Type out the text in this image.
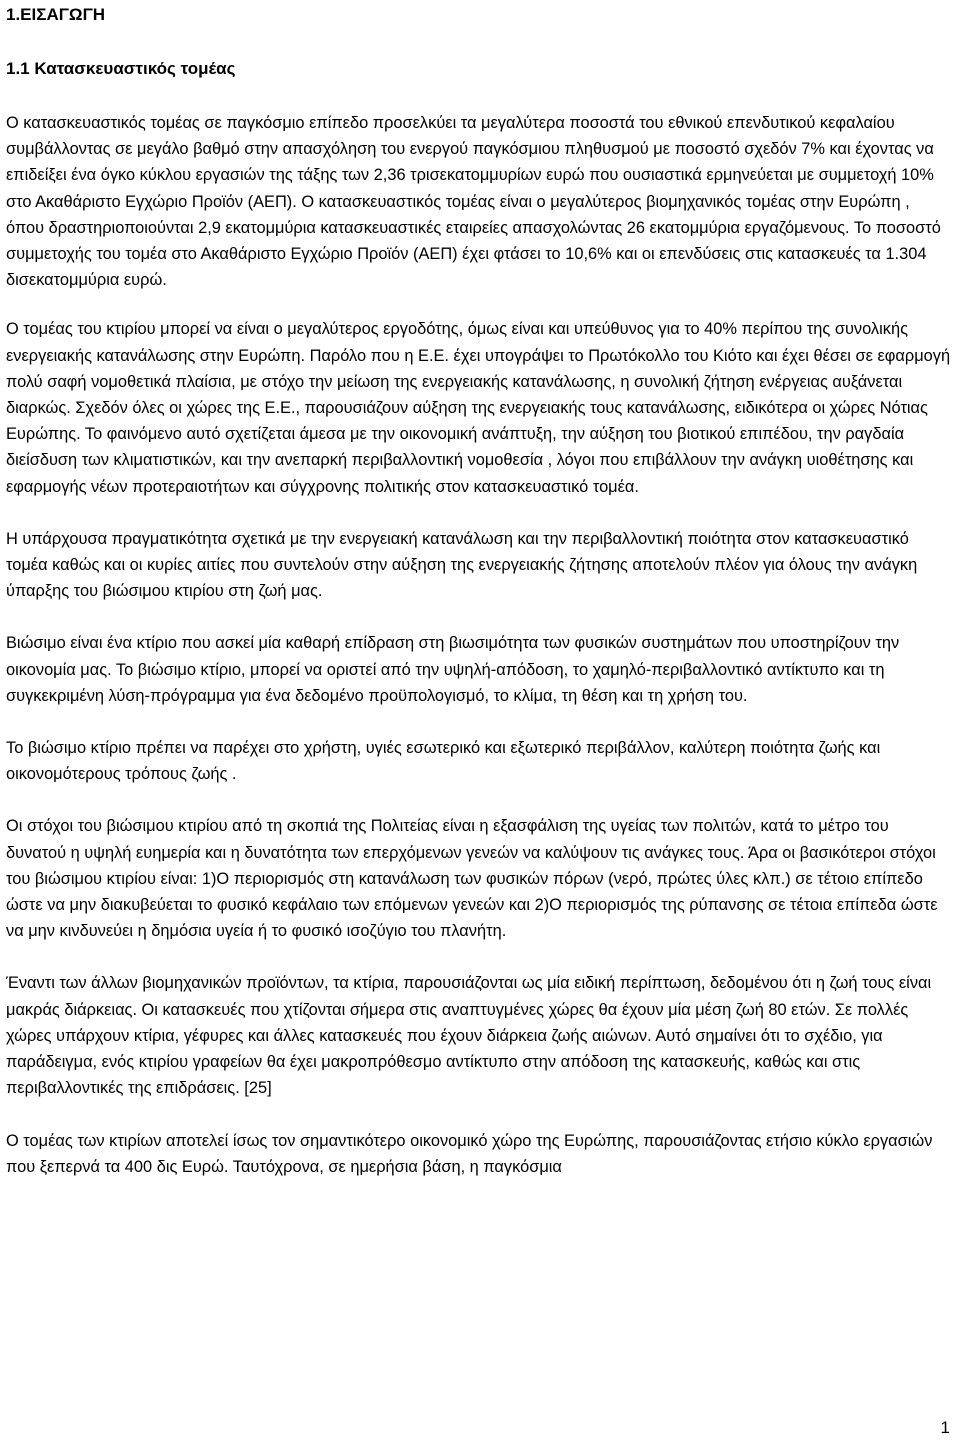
1.ΕΙΣΑΓΩΓΗ
1.1 Κατασκευαστικός τομέας

Ο κατασκευαστικός τομέας σε παγκόσμιο επίπεδο προσελκύει τα μεγαλύτερα ποσοστά του εθνικού επενδυτικού κεφαλαίου συμβάλλοντας σε μεγάλο βαθμό στην απασχόληση του ενεργού παγκόσμιου πληθυσμού με ποσοστό σχεδόν 7% και έχοντας να επιδείξει ένα όγκο κύκλου εργασιών της τάξης των 2,36 τρισεκατομμυρίων ευρώ που ουσιαστικά ερμηνεύεται με συμμετοχή 10% στο Ακαθάριστο Εγχώριο Προϊόν (ΑΕΠ). Ο κατασκευαστικός τομέας είναι ο μεγαλύτερος βιομηχανικός τομέας στην Ευρώπη , όπου δραστηριοποιούνται 2,9 εκατομμύρια κατασκευαστικές εταιρείες απασχολώντας 26 εκατομμύρια εργαζόμενους. Το ποσοστό συμμετοχής του τομέα στο Ακαθάριστο Εγχώριο Προϊόν (ΑΕΠ) έχει φτάσει το 10,6% και οι επενδύσεις στις κατασκευές τα 1.304 δισεκατομμύρια ευρώ.

Ο τομέας του κτιρίου μπορεί να είναι ο μεγαλύτερος εργοδότης, όμως είναι και υπεύθυνος για το 40% περίπου της συνολικής ενεργειακής κατανάλωσης στην Ευρώπη. Παρόλο που η Ε.Ε. έχει υπογράψει το Πρωτόκολλο του Κιότο και έχει θέσει σε εφαρμογή πολύ σαφή νομοθετικά πλαίσια, με στόχο την μείωση της ενεργειακής κατανάλωσης, η συνολική ζήτηση ενέργειας αυξάνεται διαρκώς. Σχεδόν όλες οι χώρες της Ε.Ε., παρουσιάζουν αύξηση της ενεργειακής τους κατανάλωσης, ειδικότερα οι χώρες Νότιας Ευρώπης. Το φαινόμενο αυτό σχετίζεται άμεσα με την οικονομική ανάπτυξη, την αύξηση του βιοτικού επιπέδου, την ραγδαία διείσδυση των κλιματιστικών, και την ανεπαρκή περιβαλλοντική νομοθεσία , λόγοι που επιβάλλουν την ανάγκη υιοθέτησης και εφαρμογής νέων προτεραιοτήτων και σύγχρονης πολιτικής στον κατασκευαστικό τομέα.

Η υπάρχουσα πραγματικότητα σχετικά με την ενεργειακή κατανάλωση και την περιβαλλοντική ποιότητα στον κατασκευαστικό τομέα καθώς και οι κυρίες αιτίες που συντελούν στην αύξηση της ενεργειακής ζήτησης αποτελούν πλέον για όλους την ανάγκη ύπαρξης του βιώσιμου κτιρίου στη ζωή μας.

Βιώσιμο είναι ένα κτίριο που ασκεί μία καθαρή επίδραση στη βιωσιμότητα των φυσικών συστημάτων που υποστηρίζουν την οικονομία μας. Το βιώσιμο κτίριο, μπορεί να οριστεί από την υψηλή-απόδοση, το χαμηλό-περιβαλλοντικό αντίκτυπο και τη συγκεκριμένη λύση-πρόγραμμα για ένα δεδομένο προϋπολογισμό, το κλίμα, τη θέση και τη χρήση του.

Το βιώσιμο κτίριο πρέπει να παρέχει στο χρήστη, υγιές εσωτερικό και εξωτερικό περιβάλλον, καλύτερη ποιότητα ζωής και οικονομότερους τρόπους ζωής .

Οι στόχοι του βιώσιμου κτιρίου από τη σκοπιά της Πολιτείας είναι η εξασφάλιση της υγείας των πολιτών, κατά το μέτρο του δυνατού η υψηλή ευημερία και η δυνατότητα των επερχόμενων γενεών να καλύψουν τις ανάγκες τους. Άρα οι βασικότεροι στόχοι του βιώσιμου κτιρίου είναι: 1)Ο περιορισμός στη κατανάλωση των φυσικών πόρων (νερό, πρώτες ύλες κλπ.) σε τέτοιο επίπεδο ώστε να μην διακυβεύεται το φυσικό κεφάλαιο των επόμενων γενεών και 2)Ο περιορισμός της ρύπανσης σε τέτοια επίπεδα ώστε να μην κινδυνεύει η δημόσια υγεία ή το φυσικό ισοζύγιο του πλανήτη.

Έναντι των άλλων βιομηχανικών προϊόντων, τα κτίρια, παρουσιάζονται ως μία ειδική περίπτωση, δεδομένου ότι η ζωή τους είναι μακράς διάρκειας. Οι κατασκευές που χτίζονται σήμερα στις αναπτυγμένες χώρες θα έχουν μία μέση ζωή 80 ετών. Σε πολλές χώρες υπάρχουν κτίρια, γέφυρες και άλλες κατασκευές που έχουν διάρκεια ζωής αιώνων. Αυτό σημαίνει ότι το σχέδιο, για παράδειγμα, ενός κτιρίου γραφείων θα έχει μακροπρόθεσμο αντίκτυπο στην απόδοση της κατασκευής, καθώς και στις περιβαλλοντικές της επιδράσεις. [25]

Ο τομέας των κτιρίων αποτελεί ίσως τον σημαντικότερο οικονομικό χώρο της Ευρώπης, παρουσιάζοντας ετήσιο κύκλο εργασιών που ξεπερνά τα 400 δις Ευρώ. Ταυτόχρονα, σε ημερήσια βάση, η παγκόσμια

1
